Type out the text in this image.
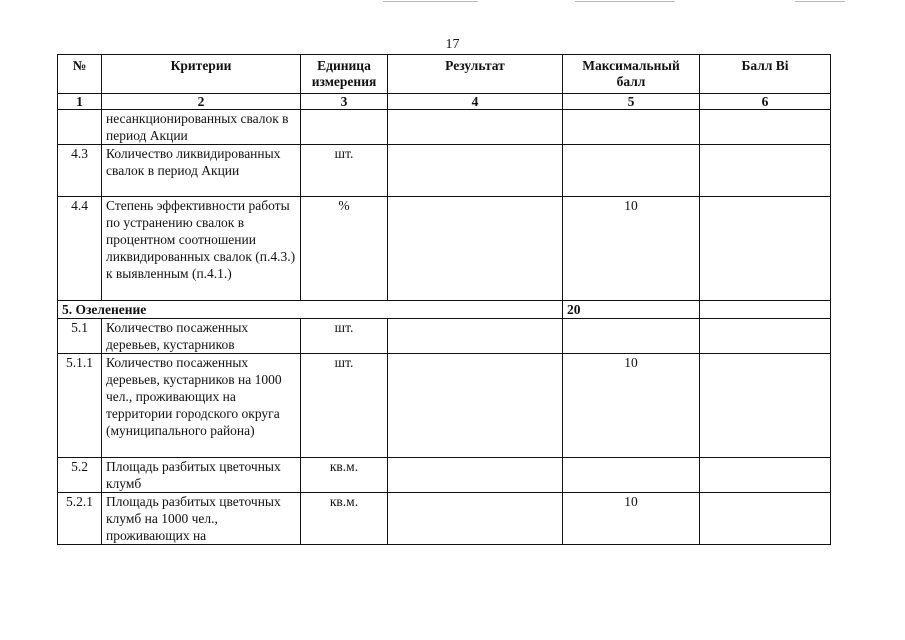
17
№	Критерии	Единица измерения	Результат	Максимальный балл	Балл Bi
1	2	3	4	5	6
	несанкционированных свалок в период Акции				
4.3	Количество ликвидированных свалок в период Акции	шт.			
4.4	Степень эффективности работы по устранению свалок в процентном соотношении ликвидированных свалок (п.4.3.) к выявленным (п.4.1.)	%		10	
5. Озеленение				20	
5.1	Количество посаженных деревьев, кустарников	шт.			
5.1.1	Количество посаженных деревьев, кустарников на 1000 чел., проживающих на территории городского округа (муниципального района)	шт.		10	
5.2	Площадь разбитых цветочных клумб	кв.м.			
5.2.1	Площадь разбитых цветочных клумб на 1000 чел., проживающих на	кв.м.		10	
